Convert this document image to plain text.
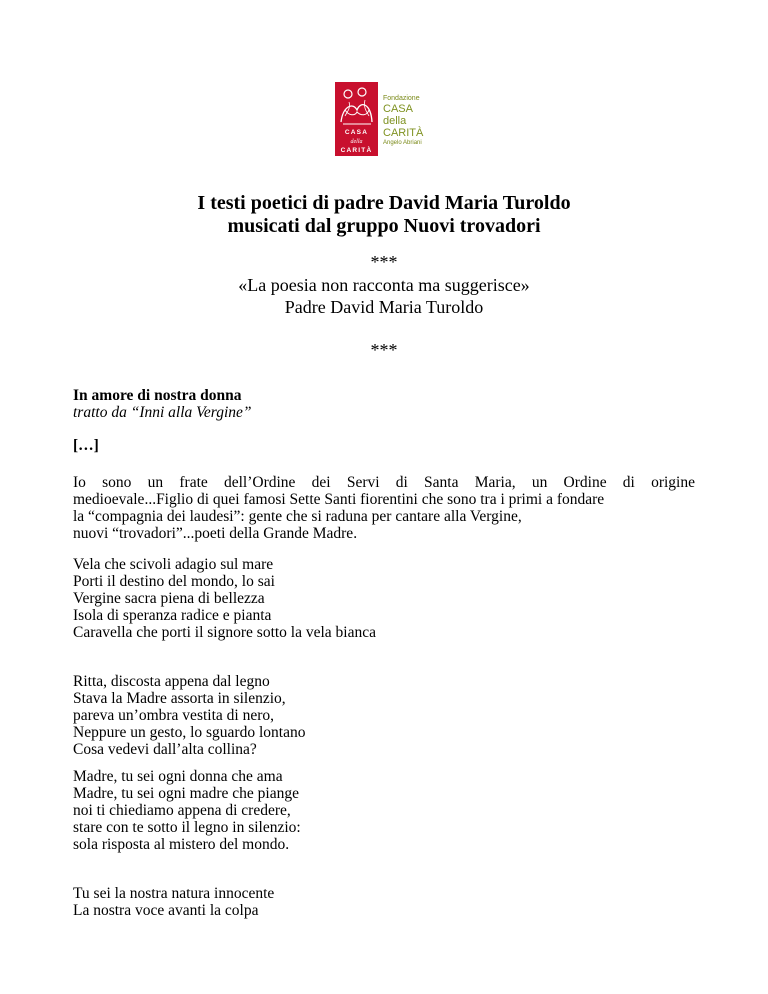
CASA
della
CARITÀ
Fondazione
CASA
della
CARITÀ
Angelo Abriani
I testi poetici di padre David Maria Turoldo
musicati dal gruppo Nuovi trovadori
***
«La poesia non racconta ma suggerisce»
Padre David Maria Turoldo
***
In amore di nostra donna
tratto da “Inni alla Vergine”
[…]
Io sono un frate dell’Ordine dei Servi di Santa Maria, un Ordine di origine
medioevale...Figlio di quei famosi Sette Santi fiorentini che sono tra i primi a fondare
la “compagnia dei laudesi”: gente che si raduna per cantare alla Vergine,
nuovi “trovadori”...poeti della Grande Madre.
Vela che scivoli adagio sul mare
Porti il destino del mondo, lo sai
Vergine sacra piena di bellezza
Isola di speranza radice e pianta
Caravella che porti il signore sotto la vela bianca
Ritta, discosta appena dal legno
Stava la Madre assorta in silenzio,
pareva un’ombra vestita di nero,
Neppure un gesto, lo sguardo lontano
Cosa vedevi dall’alta collina?
Madre, tu sei ogni donna che ama
Madre, tu sei ogni madre che piange
noi ti chiediamo appena di credere,
stare con te sotto il legno in silenzio:
sola risposta al mistero del mondo.
Tu sei la nostra natura innocente
La nostra voce avanti la colpa
